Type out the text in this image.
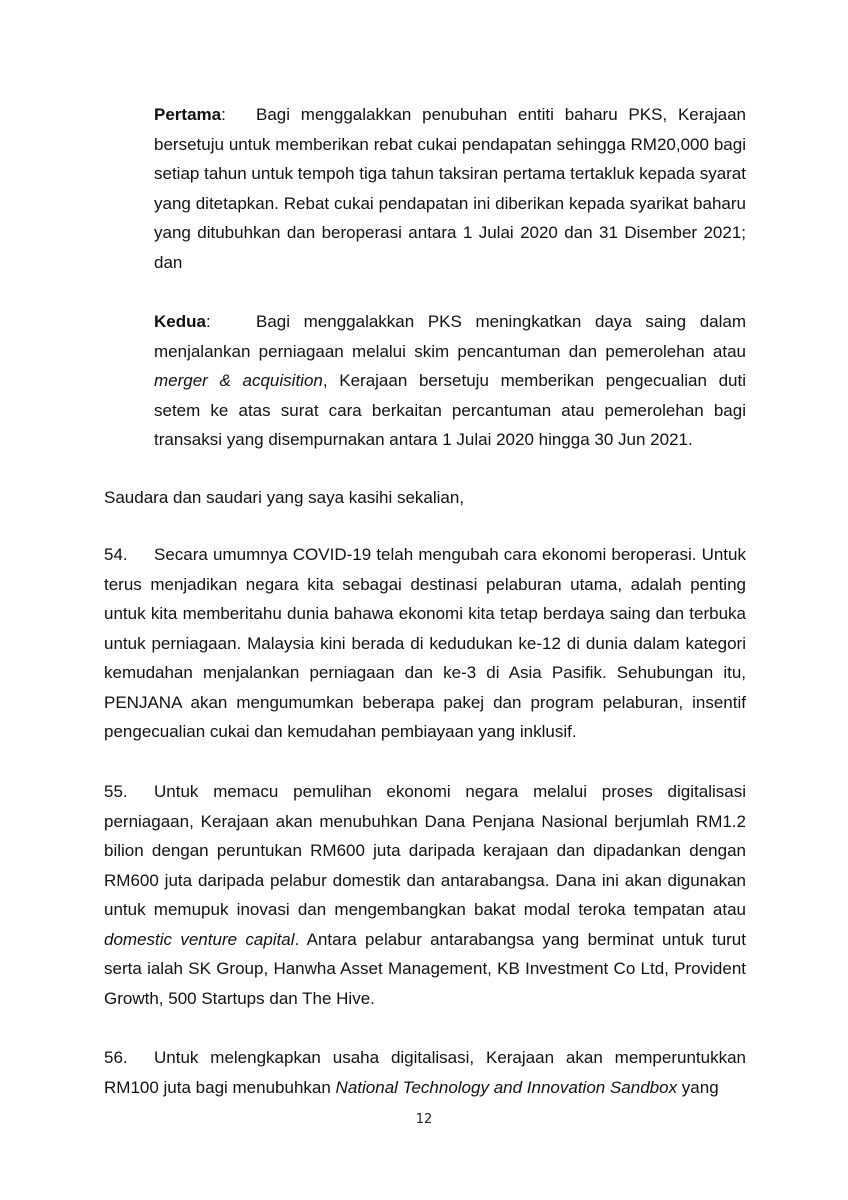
Pertama: Bagi menggalakkan penubuhan entiti baharu PKS, Kerajaan bersetuju untuk memberikan rebat cukai pendapatan sehingga RM20,000 bagi setiap tahun untuk tempoh tiga tahun taksiran pertama tertakluk kepada syarat yang ditetapkan. Rebat cukai pendapatan ini diberikan kepada syarikat baharu yang ditubuhkan dan beroperasi antara 1 Julai 2020 dan 31 Disember 2021; dan

Kedua:	Bagi menggalakkan PKS meningkatkan daya saing dalam menjalankan perniagaan melalui skim pencantuman dan pemerolehan atau merger & acquisition, Kerajaan bersetuju memberikan pengecualian duti setem ke atas surat cara berkaitan percantuman atau pemerolehan bagi transaksi yang disempurnakan antara 1 Julai 2020 hingga 30 Jun 2021.

Saudara dan saudari yang saya kasihi sekalian,

54. Secara umumnya COVID-19 telah mengubah cara ekonomi beroperasi. Untuk terus menjadikan negara kita sebagai destinasi pelaburan utama, adalah penting untuk kita memberitahu dunia bahawa ekonomi kita tetap berdaya saing dan terbuka untuk perniagaan. Malaysia kini berada di kedudukan ke-12 di dunia dalam kategori kemudahan menjalankan perniagaan dan ke-3 di Asia Pasifik. Sehubungan itu, PENJANA akan mengumumkan beberapa pakej dan program pelaburan, insentif pengecualian cukai dan kemudahan pembiayaan yang inklusif.

55. Untuk memacu pemulihan ekonomi negara melalui proses digitalisasi perniagaan, Kerajaan akan menubuhkan Dana Penjana Nasional berjumlah RM1.2 bilion dengan peruntukan RM600 juta daripada kerajaan dan dipadankan dengan RM600 juta daripada pelabur domestik dan antarabangsa. Dana ini akan digunakan untuk memupuk inovasi dan mengembangkan bakat modal teroka tempatan atau domestic venture capital. Antara pelabur antarabangsa yang berminat untuk turut serta ialah SK Group, Hanwha Asset Management, KB Investment Co Ltd, Provident Growth, 500 Startups dan The Hive.

56. Untuk melengkapkan usaha digitalisasi, Kerajaan akan memperuntukkan RM100 juta bagi menubuhkan National Technology and Innovation Sandbox yang

12
